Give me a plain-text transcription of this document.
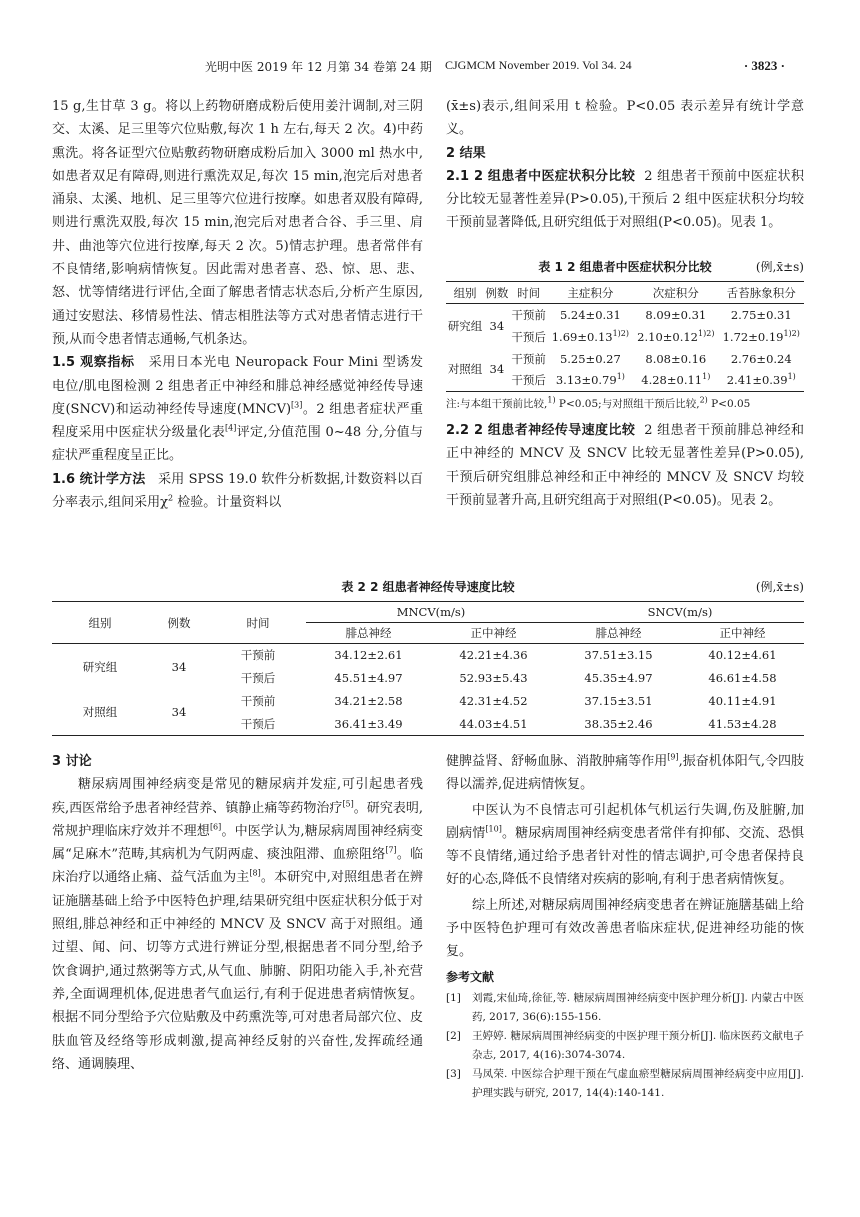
光明中医 2019 年 12 月第 34 卷第 24 期	CJGMCM November 2019. Vol 34. 24	· 3823 ·

15 g,生甘草 3 g。将以上药物研磨成粉后使用姜汁调制,对三阴交、太溪、足三里等穴位贴敷,每次 1 h 左右,每天 2 次。4)中药熏洗。将各证型穴位贴敷药物研磨成粉后加入 3000 ml 热水中,如患者双足有障碍,则进行熏洗双足,每次 15 min,泡完后对患者涌泉、太溪、地机、足三里等穴位进行按摩。如患者双股有障碍,则进行熏洗双股,每次 15 min,泡完后对患者合谷、手三里、肩井、曲池等穴位进行按摩,每天 2 次。5)情志护理。患者常伴有不良情绪,影响病情恢复。因此需对患者喜、恐、惊、思、悲、怒、忧等情绪进行评估,全面了解患者情志状态后,分析产生原因,通过安慰法、移情易性法、情志相胜法等方式对患者情志进行干预,从而令患者情志通畅,气机条达。

1.5 观察指标 采用日本光电 Neuropack Four Mini 型诱发电位/肌电图检测 2 组患者正中神经和腓总神经感觉神经传导速度(SNCV)和运动神经传导速度(MNCV)[3]。2 组患者症状严重程度采用中医症状分级量化表[4]评定,分值范围 0~48 分,分值与症状严重程度呈正比。

1.6 统计学方法 采用 SPSS 19.0 软件分析数据,计数资料以百分率表示,组间采用$\chi^2$ 检验。计量资料以

(x̄±s)表示,组间采用 t 检验。P<0.05 表示差异有统计学意义。

2 结果

2.1 2 组患者中医症状积分比较 2 组患者干预前中医症状积分比较无显著性差异(P>0.05),干预后 2 组中医症状积分均较干预前显著降低,且研究组低于对照组(P<0.05)。见表 1。

表 1 2 组患者中医症状积分比较	(例,x̄±s)
组别	例数	时间	主症积分	次症积分	舌苔脉象积分
研究组	34	干预前	5.24±0.31	8.09±0.31	2.75±0.31
		干预后	$1.69\pm 0.13^{1)2)}$	$2.10\pm 0.12^{1)2)}$	$1.72\pm 0.19^{1)2)}$
对照组	34	干预前	5.25±0.27	8.08±0.16	2.76±0.24
		干预后	$3.13\pm 0.79^{1)}$	$4.28\pm 0.11^{1)}$	$2.41\pm 0.39^{1)}$
注:与本组干预前比较,$^{1)}$ P<0.05;与对照组干预后比较,$^{2)}$ P<0.05

2.2 2 组患者神经传导速度比较 2 组患者干预前腓总神经和正中神经的 MNCV 及 SNCV 比较无显著性差异(P>0.05),干预后研究组腓总神经和正中神经的 MNCV 及 SNCV 均较干预前显著升高,且研究组高于对照组(P<0.05)。见表 2。

表 2 2 组患者神经传导速度比较	(例,x̄±s)
组别	例数	时间	MNCV(m/s)		SNCV(m/s)	
			腓总神经	正中神经	腓总神经	正中神经
研究组	34	干预前	34.12±2.61	42.21±4.36	37.51±3.15	40.12±4.61
		干预后	45.51±4.97	52.93±5.43	45.35±4.97	46.61±4.58
对照组	34	干预前	34.21±2.58	42.31±4.52	37.15±3.51	40.11±4.91
		干预后	36.41±3.49	44.03±4.51	38.35±2.46	41.53±4.28

3 讨论

糖尿病周围神经病变是常见的糖尿病并发症,可引起患者残疾,西医常给予患者神经营养、镇静止痛等药物治疗[5]。研究表明,常规护理临床疗效并不理想[6]。中医学认为,糖尿病周围神经病变属“足麻木”范畴,其病机为气阴两虚、痰浊阻滞、血瘀阻络[7]。临床治疗以通络止痛、益气活血为主[8]。本研究中,对照组患者在辨证施膳基础上给予中医特色护理,结果研究组中医症状积分低于对照组,腓总神经和正中神经的 MNCV 及 SNCV 高于对照组。通过望、闻、问、切等方式进行辨证分型,根据患者不同分型,给予饮食调护,通过熬粥等方式,从气血、肺腑、阴阳功能入手,补充营养,全面调理机体,促进患者气血运行,有利于促进患者病情恢复。根据不同分型给予穴位贴敷及中药熏洗等,可对患者局部穴位、皮肤血管及经络等形成刺激,提高神经反射的兴奋性,发挥疏经通络、通调腠理、

健脾益肾、舒畅血脉、消散肿痛等作用[9],振奋机体阳气,令四肢得以濡养,促进病情恢复。

中医认为不良情志可引起机体气机运行失调,伤及脏腑,加剧病情[10]。糖尿病周围神经病变患者常伴有抑郁、交流、恐惧等不良情绪,通过给予患者针对性的情志调护,可令患者保持良好的心态,降低不良情绪对疾病的影响,有利于患者病情恢复。

综上所述,对糖尿病周围神经病变患者在辨证施膳基础上给予中医特色护理可有效改善患者临床症状,促进神经功能的恢复。

参考文献

[1]	刘霞,宋仙琦,徐征,等. 糖尿病周围神经病变中医护理分析[J]. 内蒙古中医药, 2017, 36(6):155-156.
[2]	王婷婷. 糖尿病周围神经病变的中医护理干预分析[J]. 临床医药文献电子杂志, 2017, 4(16):3074-3074.
[3]	马凤荣. 中医综合护理干预在气虚血瘀型糖尿病周围神经病变中应用[J]. 护理实践与研究, 2017, 14(4):140-141.
